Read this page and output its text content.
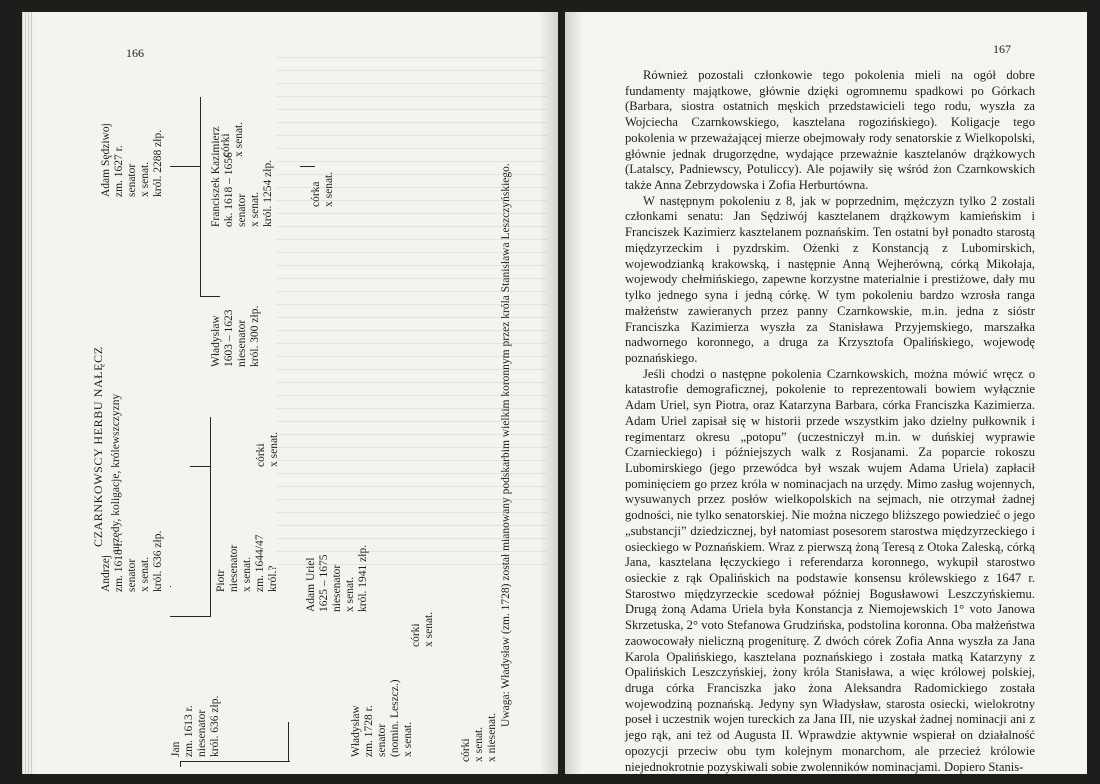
166
CZARNKOWSCY HERBU NAŁĘCZ urzędy, koligacje, królewszczyzny
Jan
zm. 1613 r.
niesenator
król. 636 złp.
Andrzej
zm. 1618 r.
senator
x senat.
król. 636 złp.
Piotr
niesenator
x senat.
zm. 1644/47
król.?
córki
x senat.
Adam Uriel
1625 – 1675
niesenator
x senat.
król. 1941 złp.
córki
x senat.
Władysław
zm. 1728 r.
senator
(nomin. Leszcz.)
x senat.
córki
x senat.
x niesenat.
Adam Sędziwoj
zm. 1627 r.
senator
x senat.
król. 2288 złp.	córki
x senat.
Władysław
1603 – 1623
niesenator
król. 300 złp.
Franciszek Kazimierz
ok. 1618 – 1656
senator
x senat.
król. 1254 złp.
córka
x senat.	Uwaga: Władysław (zm. 1728) został mianowany podskarbim wielkim koronnym przez króla Stanisława Leszczyńskiego.
167

Również pozostali członkowie tego pokolenia mieli na ogół dobre fundamenty majątkowe, głównie dzięki ogromnemu spadkowi po Górkach (Barbara, siostra ostatnich męskich przedstawicieli tego rodu, wyszła za Wojciecha Czarnkowskiego, kasztelana rogozińskiego). Koligacje tego pokolenia w przeważającej mierze obejmowały rody senatorskie z Wielkopolski, głównie jednak drugorzędne, wydające przeważnie kasztelanów drążkowych (Latalscy, Padniewscy, Potuliccy). Ale pojawiły się wśród żon Czarnkowskich także Anna Zebrzydowska i Zofia Herburtówna.

W następnym pokoleniu z 8, jak w poprzednim, mężczyzn tylko 2 zostali członkami senatu: Jan Sędziwój kasztelanem drążkowym kamieńskim i Franciszek Kazimierz kasztelanem poznańskim. Ten ostatni był ponadto starostą międzyrzeckim i pyzdrskim. Ożenki z Konstancją z Lubomirskich, wojewodzianką krakowską, i następnie Anną Wejherówną, córką Mikołaja, wojewody chełmińskiego, zapewne korzystne materialnie i prestiżowe, dały mu tylko jednego syna i jedną córkę. W tym pokoleniu bardzo wzrosła ranga małżeństw zawieranych przez panny Czarnkowskie, m.in. jedna z sióstr Franciszka Kazimierza wyszła za Stanisława Przyjemskiego, marszałka nadwornego koronnego, a druga za Krzysztofa Opalińskiego, wojewodę poznańskiego.

Jeśli chodzi o następne pokolenia Czarnkowskich, można mówić wręcz o katastrofie demograficznej, pokolenie to reprezentowali bowiem wyłącznie Adam Uriel, syn Piotra, oraz Katarzyna Barbara, córka Franciszka Kazimierza. Adam Uriel zapisał się w historii przede wszystkim jako dzielny pułkownik i regimentarz okresu „potopu” (uczestniczył m.in. w duńskiej wyprawie Czarnieckiego) i późniejszych walk z Rosjanami. Za poparcie rokoszu Lubomirskiego (jego przewódca był wszak wujem Adama Uriela) zapłacił pominięciem go przez króla w nominacjach na urzędy. Mimo zasług wojennych, wysuwanych przez posłów wielkopolskich na sejmach, nie otrzymał żadnej godności, nie tylko senatorskiej. Nie można niczego bliższego powiedzieć o jego „substancji” dziedzicznej, był natomiast posesorem starostwa międzyrzeckiego i osieckiego w Poznańskiem. Wraz z pierwszą żoną Teresą z Otoka Zaleską, córką Jana, kasztelana łęczyckiego i referendarza koronnego, wykupił starostwo osieckie z rąk Opalińskich na podstawie konsensu królewskiego z 1647 r. Starostwo międzyrzeckie scedował później Bogusławowi Leszczyńskiemu. Drugą żoną Adama Uriela była Konstancja z Niemojewskich 1° voto Janowa Skrzetuska, 2° voto Stefanowa Grudzińska, podstolina koronna. Oba małżeństwa zaowocowały nieliczną progeniturę. Z dwóch córek Zofia Anna wyszła za Jana Karola Opalińskiego, kasztelana poznańskiego i została matką Katarzyny z Opalińskich Leszczyńskiej, żony króla Stanisława, a więc królowej polskiej, druga córka Franciszka jako żona Aleksandra Radomickiego została wojewodziną poznańską. Jedyny syn Władysław, starosta osiecki, wielokrotny poseł i uczestnik wojen tureckich za Jana III, nie uzyskał żadnej nominacji ani z jego rąk, ani też od Augusta II. Wprawdzie aktywnie wspierał on działalność opozycji przeciw obu tym kolejnym monarchom, ale przecież królowie niejednokrotnie pozyskiwali sobie zwolenników nominacjami. Dopiero Stanis-
